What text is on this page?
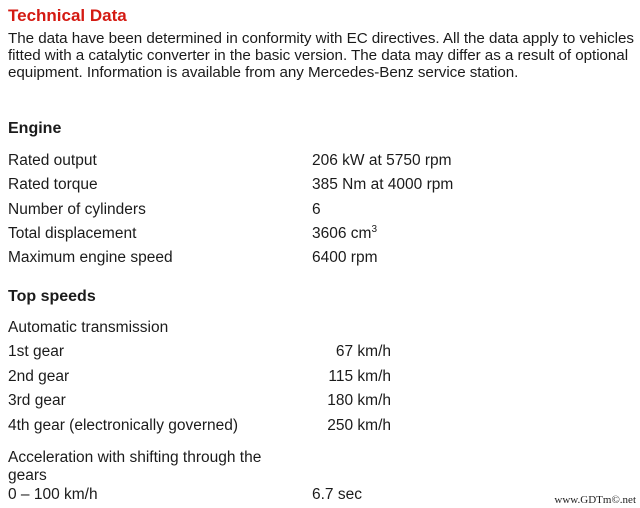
Technical Data

The data have been determined in conformity with EC directives. All the data apply to vehicles fitted with a catalytic converter in the basic version. The data may differ as a result of optional equipment. Information is available from any Mercedes-Benz service station.

Engine
Rated output	206 kW at 5750 rpm
Rated torque	385 Nm at 4000 rpm
Number of cylinders	6
Total displacement	3606 $cm^3$
Maximum engine speed	6400 rpm
Top speeds

Automatic transmission

1st gear	67 km/h
2nd gear	115 km/h
3rd gear	180 km/h
4th gear (electronically governed)	250 km/h

Acceleration with shifting through the gears

0 – 100 km/h	6.7 sec	www.GDTm©.net
